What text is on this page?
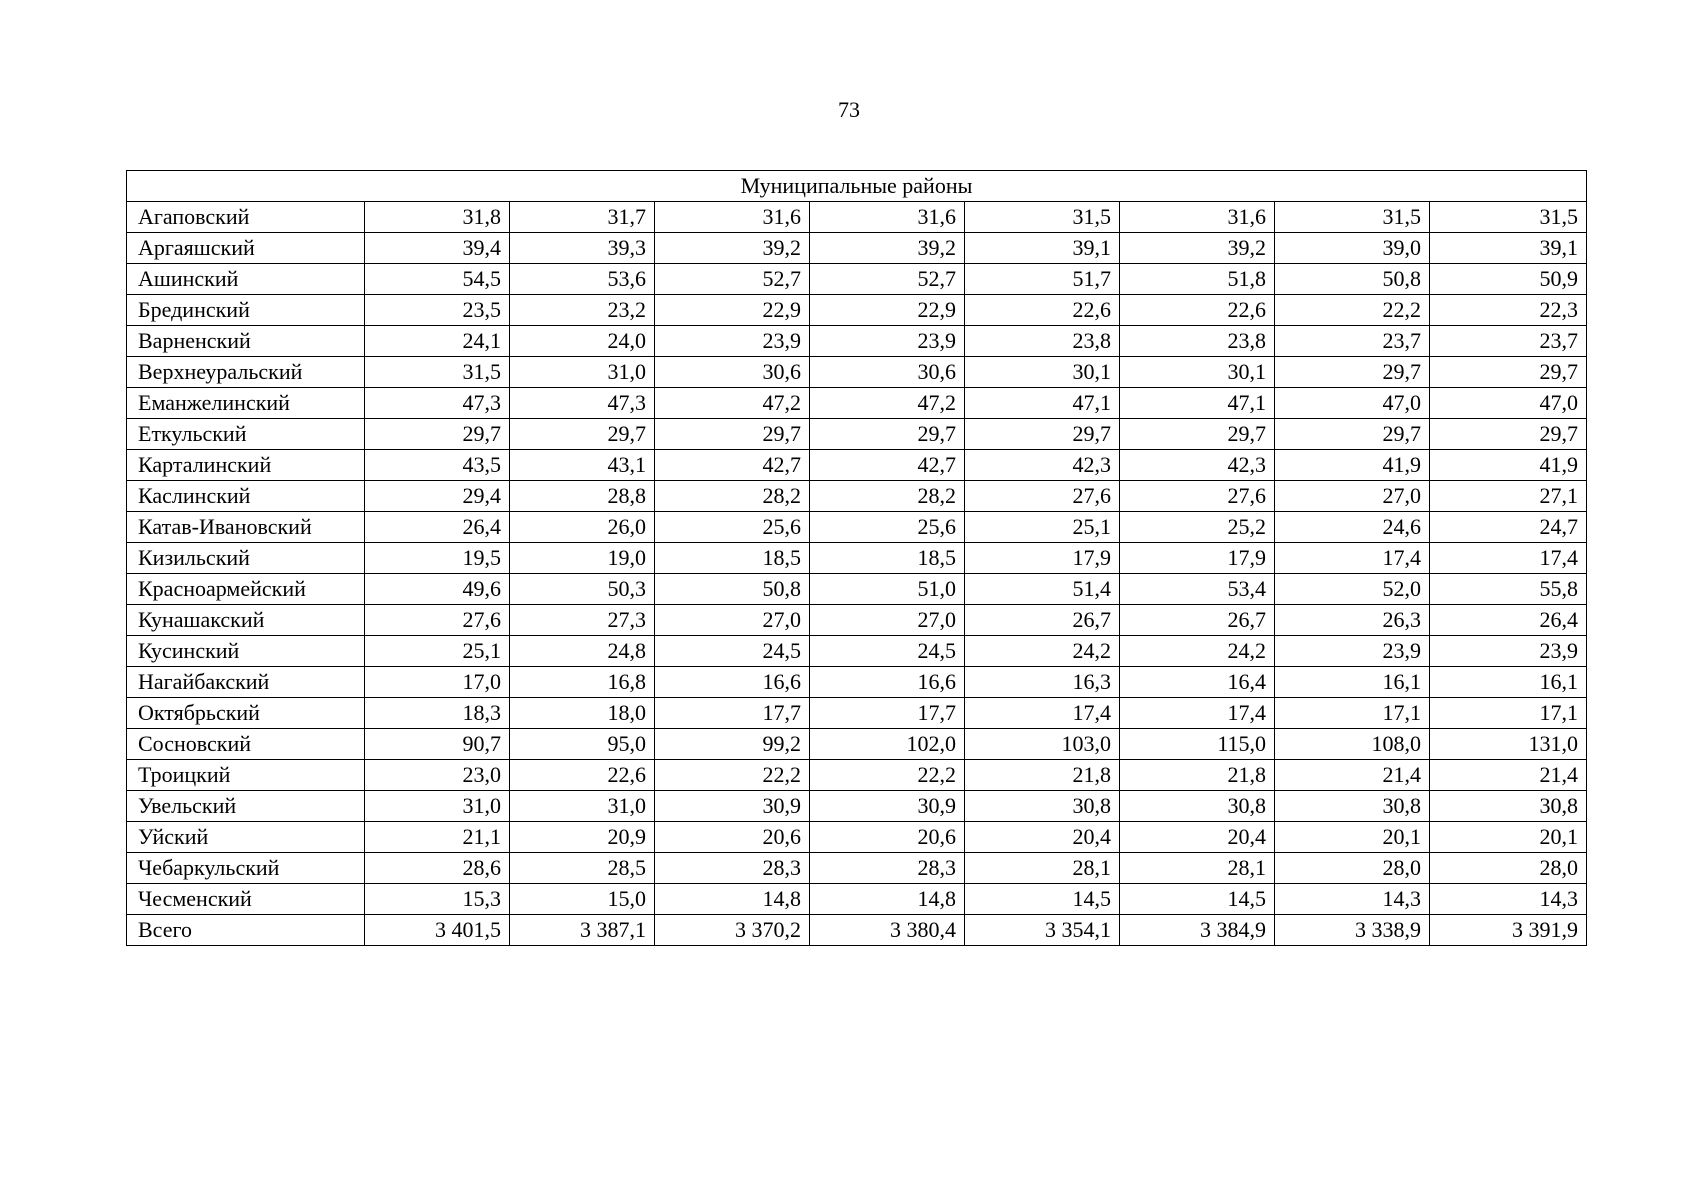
73
Муниципальные районы								
Агаповский	31,8	31,7	31,6	31,6	31,5	31,6	31,5	31,5
Аргаяшский	39,4	39,3	39,2	39,2	39,1	39,2	39,0	39,1
Ашинский	54,5	53,6	52,7	52,7	51,7	51,8	50,8	50,9
Брединский	23,5	23,2	22,9	22,9	22,6	22,6	22,2	22,3
Варненский	24,1	24,0	23,9	23,9	23,8	23,8	23,7	23,7
Верхнеуральский	31,5	31,0	30,6	30,6	30,1	30,1	29,7	29,7
Еманжелинский	47,3	47,3	47,2	47,2	47,1	47,1	47,0	47,0
Еткульский	29,7	29,7	29,7	29,7	29,7	29,7	29,7	29,7
Карталинский	43,5	43,1	42,7	42,7	42,3	42,3	41,9	41,9
Каслинский	29,4	28,8	28,2	28,2	27,6	27,6	27,0	27,1
Катав-Ивановский	26,4	26,0	25,6	25,6	25,1	25,2	24,6	24,7
Кизильский	19,5	19,0	18,5	18,5	17,9	17,9	17,4	17,4
Красноармейский	49,6	50,3	50,8	51,0	51,4	53,4	52,0	55,8
Кунашакский	27,6	27,3	27,0	27,0	26,7	26,7	26,3	26,4
Кусинский	25,1	24,8	24,5	24,5	24,2	24,2	23,9	23,9
Нагайбакский	17,0	16,8	16,6	16,6	16,3	16,4	16,1	16,1
Октябрьский	18,3	18,0	17,7	17,7	17,4	17,4	17,1	17,1
Сосновский	90,7	95,0	99,2	102,0	103,0	115,0	108,0	131,0
Троицкий	23,0	22,6	22,2	22,2	21,8	21,8	21,4	21,4
Увельский	31,0	31,0	30,9	30,9	30,8	30,8	30,8	30,8
Уйский	21,1	20,9	20,6	20,6	20,4	20,4	20,1	20,1
Чебаркульский	28,6	28,5	28,3	28,3	28,1	28,1	28,0	28,0
Чесменский	15,3	15,0	14,8	14,8	14,5	14,5	14,3	14,3
Всего	3 401,5	3 387,1	3 370,2	3 380,4	3 354,1	3 384,9	3 338,9	3 391,9
